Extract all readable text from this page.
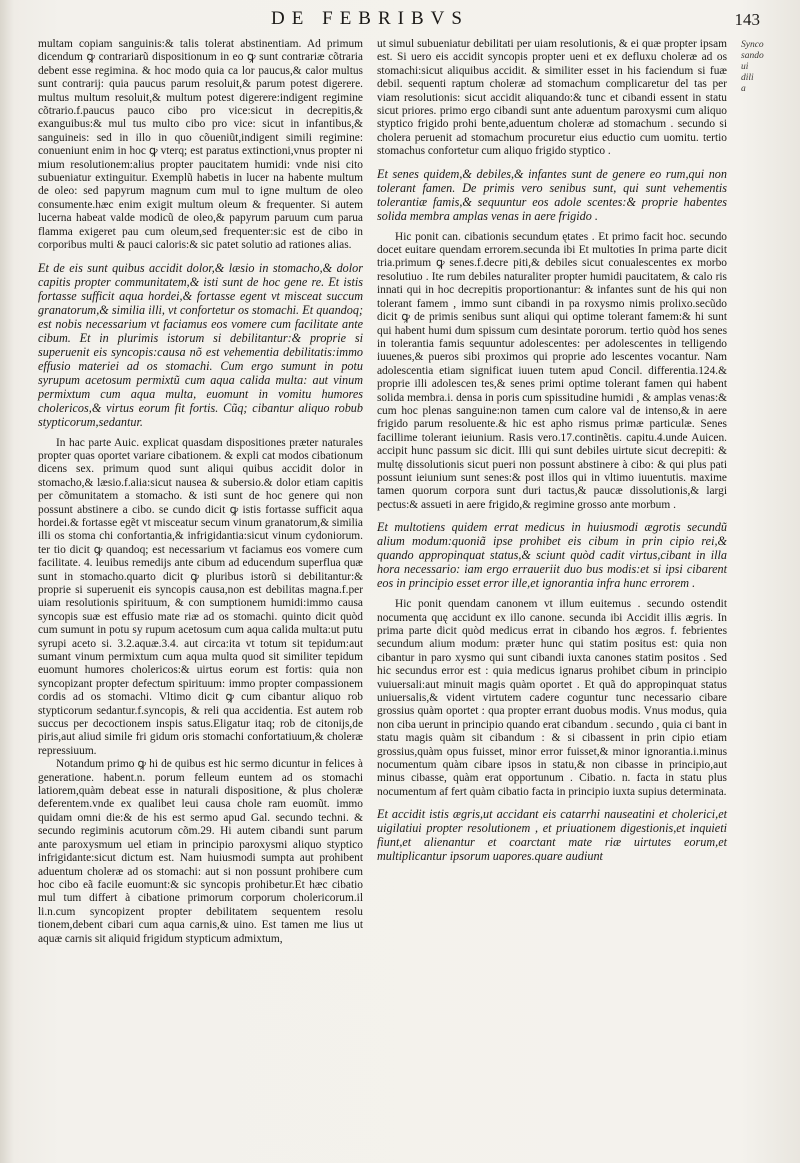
DE FEBRIBVS	143
Synco
sando
ui
dili
a

multam copiam sanguinis:& talis tolerat abstinentiam. Ad primum dicendum ꝙ contrariarũ dispositionum in eo ꝙ sunt contrariæ cõtraria debent esse regimina. & hoc modo quia ca lor paucus,& calor multus sunt contrarij: quia paucus parum resoluit,& parum potest digerere. multus multum resoluit,& multum potest digerere:indigent regimine cõtrario.f.paucus pauco cibo pro vice:sicut in decrepitis,& exanguibus:& mul tus multo cibo pro vice: sicut in infantibus,& sanguineis: sed in illo in quo cõueniũt,indigent simili regimine: conueniunt enim in hoc ꝙ vterq; est paratus extinctioni,vnus propter ni mium resolutionem:alius propter paucitatem humidi: vnde nisi cito subueniatur extinguitur. Exemplũ habetis in lucer na habente multum de oleo: sed papyrum magnum cum mul to igne multum de oleo consumente.hæc enim exigit multum oleum & frequenter. Si autem lucerna habeat valde modicũ de oleo,& papyrum paruum cum parua flamma exigeret pau cum oleum,sed frequenter:sic est de cibo in corporibus multi & pauci caloris:& sic patet solutio ad rationes alias.

Et de eis sunt quibus accidit dolor,& læsio in stomacho,& dolor capitis propter communitatem,& isti sunt de hoc gene re. Et istis fortasse sufficit aqua hordei,& fortasse egent vt misceat succum granatorum,& similia illi, vt confortetur os stomachi. Et quandoq; est nobis necessarium vt faciamus eos vomere cum facilitate ante cibum. Et in plurimis istorum si debilitantur:& proprie si superuenit eis syncopis:causa nõ est vehementia debilitatis:immo effusio materiei ad os stomachi. Cum ergo sumunt in potu syrupum acetosum permixtũ cum aqua calida multa: aut vinum permixtum cum aqua multa, euomunt in vomitu humores cholericos,& virtus eorum fit fortis. Cũq; cibantur aliquo robub stypticorum,sedantur.

In hac parte Auic. explicat quasdam dispositiones præter naturales propter quas oportet variare cibationem. & expli cat modos cibationum dicens sex. primum quod sunt aliqui quibus accidit dolor in stomacho,& læsio.f.alia:sicut nausea & subersio.& dolor etiam capitis per cõmunitatem a stomacho. & isti sunt de hoc genere qui non possunt abstinere a cibo. se cundo dicit ꝙ istis fortasse sufficit aqua hordei.& fortasse egẽt vt misceatur secum vinum granatorum,& similia illi os stoma chi confortantia,& infrigidantia:sicut vinum cydoniorum. ter tio dicit ꝙ quandoq; est necessarium vt faciamus eos vomere cum facilitate. 4. leuibus remedijs ante cibum ad educendum superflua quæ sunt in stomacho.quarto dicit ꝙ pluribus istorũ si debilitantur:& proprie si superuenit eis syncopis causa,non est debilitas magna.f.per uiam resolutionis spirituum, & con sumptionem humidi:immo causa syncopis suæ est effusio mate riæ ad os stomachi. quinto dicit quòd cum sumunt in potu sy rupum acetosum cum aqua calida multa:ut putu syrupi aceto si. 3.2.aquæ.3.4. aut circa:ita vt totum sit tepidum:aut sumant vinum permixtum cum aqua multa quod sit similiter tepidum euomunt humores cholericos:& uirtus eorum est fortis: quia non syncopizant propter defectum spirituum: immo propter compassionem cordis ad os stomachi. Vltimo dicit ꝙ cum cibantur aliquo rob stypticorum sedantur.f.syncopis, & reli qua accidentia. Est autem rob succus per decoctionem inspis satus.Eligatur itaq; rob de citonijs,de piris,aut aliud simile fri gidum oris stomachi confortatiuum,& choleræ repressiuum.

Notandum primo ꝙ hi de quibus est hic sermo dicuntur in felices à generatione. habent.n. porum felleum euntem ad os stomachi latiorem,quàm debeat esse in naturali dispositione, & plus choleræ deferentem.vnde ex qualibet leui causa chole ram euomũt. immo quidam omni die:& de his est sermo apud Gal. secundo techni. & secundo regiminis acutorum cõm.29. Hi autem cibandi sunt parum ante paroxysmum uel etiam in principio paroxysmi aliquo styptico infrigidante:sicut dictum est. Nam huiusmodi sumpta aut prohibent aduentum choleræ ad os stomachi: aut si non possunt prohibere cum hoc cibo eã facile euomunt:& sic syncopis prohibetur.Et hæc cibatio mul tum differt à cibatione primorum corporum cholericorum.il li.n.cum syncopizent propter debilitatem sequentem resolu tionem,debent cibari cum aqua carnis,& uino. Est tamen me lius ut aquæ carnis sit aliquid frigidum stypticum admixtum,

ut simul subueniatur debilitati per uiam resolutionis, & ei quæ propter ipsam est. Si uero eis accidit syncopis propter ueni et ex defluxu choleræ ad os stomachi:sicut aliquibus accidit. & similiter esset in his faciendum si fuæ debil. sequenti raptum choleræ ad stomachum complicaretur del tas per viam resolutionis: sicut accidit aliquando:& tunc et cibandi essent in statu sicut priores. primo ergo cibandi sunt ante aduentum paroxysmi cum aliquo styptico frigido prohi bente,aduentum choleræ ad stomachum . secundo si cholera peruenit ad stomachum procuretur eius eductio cum uomitu. tertio stomachus confortetur cum aliquo frigido styptico .

Et senes quidem,& debiles,& infantes sunt de genere eo rum,qui non tolerant famen. De primis vero senibus sunt, qui sunt vehementis tolerantiæ famis,& sequuntur eos adole scentes:& proprie habentes solida membra amplas venas in aere frigido .

Hic ponit can. cibationis secundum ętates . Et primo facit hoc. secundo docet euitare quendam errorem.secunda ibi Et multoties In prima parte dicit tria.primum ꝙ senes.f.decre piti,& debiles sicut conualescentes ex morbo resolutiuo . Ite rum debiles naturaliter propter humidi paucitatem, & calo ris innati qui in hoc decrepitis proportionantur: & infantes sunt de his qui non tolerant famem , immo sunt cibandi in pa roxysmo nimis prolixo.secũdo dicit ꝙ de primis senibus sunt aliqui qui optime tolerant famem:& hi sunt qui habent humi dum spissum cum desintate pororum. tertio quòd hos senes in tolerantia famis sequuntur adolescentes: per adolescentes in telligendo iuuenes,& pueros sibi proximos qui proprie ado lescentes vocantur. Nam adolescentia etiam significat iuuen tutem apud Concil. differentia.124.& proprie illi adolescen tes,& senes primi optime tolerant famen qui habent solida membra.i. densa in poris cum spissitudine humidi , & amplas venas:& cum hoc plenas sanguine:non tamen cum calore val de intenso,& in aere frigido parum resoluente.& hic est apho rismus primæ particulæ. Senes facillime tolerant ieiunium. Rasis vero.17.continẽtis. capitu.4.unde Auicen. accipit hunc passum sic dicit. Illi qui sunt debiles uirtute sicut decrepiti: & multę dissolutionis sicut pueri non possunt abstinere à cibo: & qui plus pati possunt ieiunium sunt senes:& post illos qui in vltimo iuuentutis. maxime tamen quorum corpora sunt duri tactus,& paucæ dissolutionis,& largi pectus:& assueti in aere frigido,& regimine grosso ante morbum .

Et multotiens quidem errat medicus in huiusmodi ægrotis secundũ alium modum:quoniã ipse prohibet eis cibum in prin cipio rei,& quando appropinquat status,& sciunt quòd cadit virtus,cibant in illa hora necessario: iam ergo erraueriit duo bus modis:et si ipsi cibarent eos in principio esset error ille,et ignorantia infra hunc errorem .

Hic ponit quendam canonem vt illum euitemus . secundo ostendit nocumenta quę accidunt ex illo canone. secunda ibi Accidit illis ægris. In prima parte dicit quòd medicus errat in cibando hos ægros. f. febrientes secundum alium modum: præter hunc qui statim positus est: quia non cibantur in paro xysmo qui sunt cibandi iuxta canones statim positos . Sed hic secundus error est : quia medicus ignarus prohibet cibum in principio vuiuersali:aut minuit magis quàm oportet . Et quã do appropinquat status uniuersalis,& vident virtutem cadere coguntur tunc necessario cibare grossius quàm oportet : qua propter errant duobus modis. Vnus modus, quia non ciba uerunt in principio quando erat cibandum . secundo , quia ci bant in statu magis quàm sit cibandum : & si cibassent in prin cipio etiam grossius,quàm opus fuisset, minor error fuisset,& minor ignorantia.i.minus nocumentum quàm cibare ipsos in statu,& non cibasse in principio,aut minus cibasse, quàm erat opportunum . Cibatio. n. facta in statu plus nocumentum af fert quàm cibatio facta in principio iuxta supius determinata.

Et accidit istis ægris,ut accidant eis catarrhi nauseatini et cholerici,et uigilatiui propter resolutionem , et priuationem digestionis,et inquieti fiunt,et alienantur et coarctant mate riæ uirtutes eorum,et multiplicantur ipsorum uapores.quare audiunt
